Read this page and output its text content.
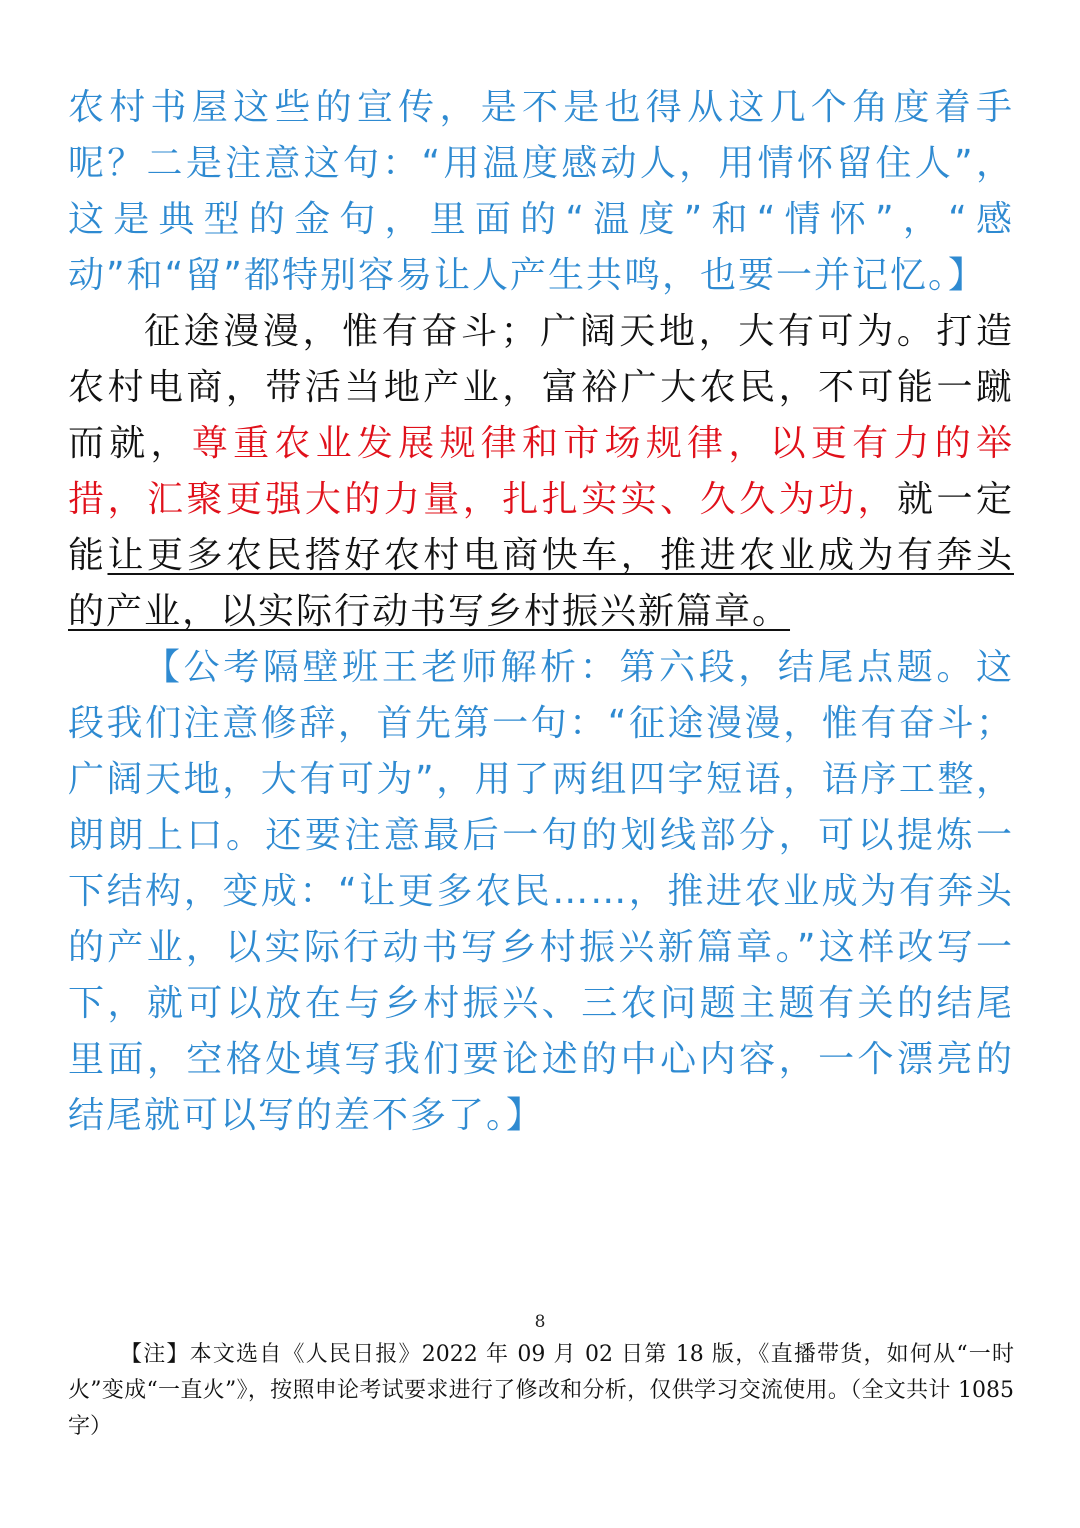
农村书屋这些的宣传，是不是也得从这几个角度着手呢？二是注意这句：“用温度感动人，用情怀留住人”，这是典型的金句，里面的“温度”和“情怀”，“感动”和“留”都特别容易让人产生共鸣，也要一并记忆。】

征途漫漫，惟有奋斗；广阔天地，大有可为。打造农村电商，带活当地产业，富裕广大农民，不可能一蹴而就，尊重农业发展规律和市场规律，以更有力的举措，汇聚更强大的力量，扎扎实实、久久为功，就一定能让更多农民搭好农村电商快车，推进农业成为有奔头的产业，以实际行动书写乡村振兴新篇章。

【公考隔壁班王老师解析：第六段，结尾点题。这段我们注意修辞，首先第一句：“征途漫漫，惟有奋斗；广阔天地，大有可为”，用了两组四字短语，语序工整，朗朗上口。还要注意最后一句的划线部分，可以提炼一下结构，变成：“让更多农民……，推进农业成为有奔头的产业，以实际行动书写乡村振兴新篇章。”这样改写一下，就可以放在与乡村振兴、三农问题主题有关的结尾里面，空格处填写我们要论述的中心内容，一个漂亮的结尾就可以写的差不多了。】

8

【注】本文选自《人民日报》2022 年 09 月 02 日第 18 版，《直播带货，如何从“一时火”变成“一直火”》，按照申论考试要求进行了修改和分析，仅供学习交流使用。（全文共计 1085 字）
